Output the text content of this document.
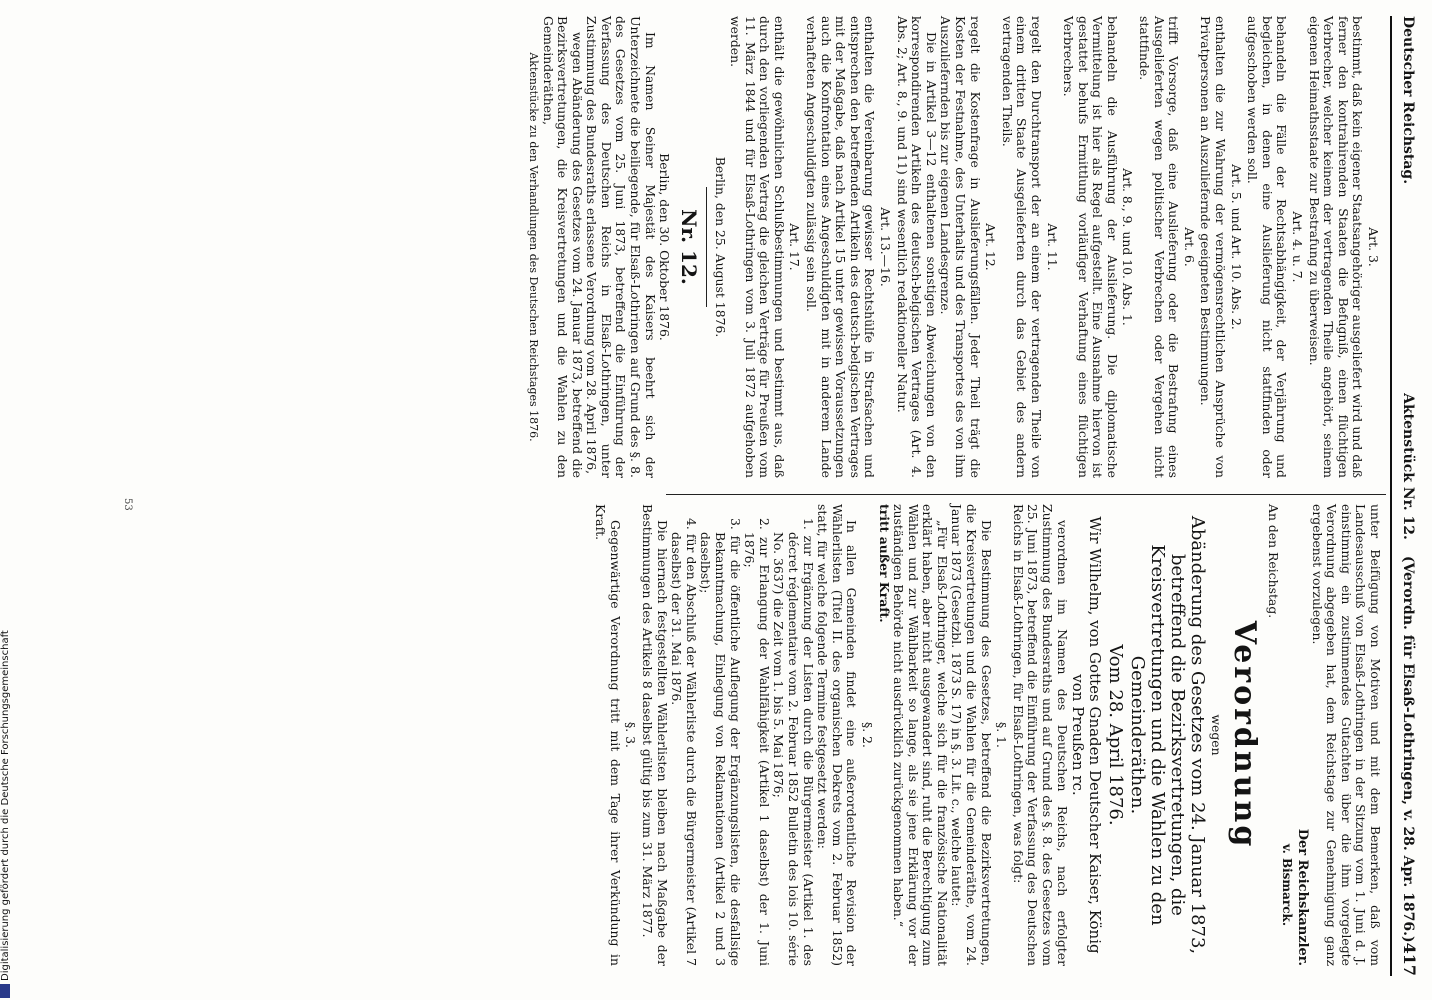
Deutscher Reichstag.
Aktenstück Nr. 12.
(Verordn. für Elsaß-Lothringen, v. 28. Apr. 1876.)
417

Art. 3.

bestimmt, daß kein eigener Staatsangehöriger ausgeliefert wird und daß ferner den kontrahirenden Staaten die Befugniß, einen flüchtigen Verbrecher, welcher keinem der vertragenden Theile angehört, seinem eigenen Heimathsstaate zur Bestrafung zu überweisen.

Art. 4. u. 7.

behandeln die Fälle der Rechtsabhängigkeit, der Verjährung und begleichen, in denen eine Auslieferung nicht stattfinden oder aufgeschoben werden soll.

Art. 5. und Art. 10. Abs. 2.

enthalten die zur Wahrung der vermögensrechtlichen Ansprüche von Privatpersonen an Auszuliefernde geeigneten Bestimmungen.

Art. 6.

trifft Vorsorge, daß eine Auslieferung oder die Bestrafung eines Ausgelieferten wegen politischer Verbrechen oder Vergehen nicht stattfinde.

Art. 8., 9. und 10. Abs. 1.

behandeln die Ausführung der Auslieferung. Die diplomatische Vermittelung ist hier als Regel aufgestellt. Eine Ausnahme hiervon ist gestattet behufs Ermittlung vorläufiger Verhaftung eines flüchtigen Verbrechers.

Art. 11.

regelt den Durchtransport der an einem der vertragenden Theile von einem dritten Staate Ausgelieferten durch das Gebiet des andern vertragenden Theils.

Art. 12.

regelt die Kostenfrage in Auslieferungsfällen. Jeder Theil trägt die Kosten der Festnahme, des Unterhalts und des Transportes des von ihm Auszuliefernden bis zur eigenen Landesgrenze.

Die in Artikel 3—12 enthaltenen sonstigen Abweichungen von den korrespondirenden Artikeln des deutsch-belgischen Vertrages (Art. 4. Abs. 2; Art. 8., 9. und 11) sind wesentlich redaktioneller Natur.

Art. 13.—16.

enthalten die Vereinbarung gewisser Rechtshülfe in Strafsachen und entsprechen den betreffenden Artikeln des deutsch-belgischen Vertrages mit der Maßgabe, daß nach Artikel 15 unter gewissen Voraussetzungen auch die Konfrontation eines Angeschuldigten mit in anderem Lande verhafteten Angeschuldigten zulässig sein soll.

Art. 17.

enthält die gewöhnlichen Schlußbestimmungen und bestimmt aus, daß durch den vorliegenden Vertrag die gleichen Verträge für Preußen vom 11. März 1844 und für Elsaß-Lothringen vom 3. Juli 1872 aufgehoben werden.

Berlin, den 25. August 1876.

Nr. 12.

Berlin, den 30. Oktober 1876.

Im Namen Seiner Majestät des Kaisers beehrt sich der Unterzeichnete die beiliegende, für Elsaß-Lothringen auf Grund des §. 8. des Gesetzes vom 25. Juni 1873, betreffend die Einführung der Verfassung des Deutschen Reichs in Elsaß-Lothringen, unter Zustimmung des Bundesraths erlassene Verordnung vom 28. April 1876,

wegen Abänderung des Gesetzes vom 24. Januar 1873, betreffend die Bezirksvertretungen, die Kreisvertretungen und die Wahlen zu den Gemeinderäthen,

Aktenstücke zu den Verhandlungen des Deutschen Reichstages 1876.

unter Beifügung von Motiven und mit dem Bemerken, daß vom Landesausschuß von Elsaß-Lothringen in der Sitzung vom 1. Juni d. J. einstimmig ein zustimmendes Gutachten über die ihm vorgelegte Verordnung abgegeben hat, dem Reichstage zur Genehmigung ganz ergebenst vorzulegen.

Der Reichskanzler.

v. Bismarck.

An den Reichstag.

Verordnung

wegen

Abänderung des Gesetzes vom 24. Januar 1873, betreffend die Bezirksvertretungen, die Kreisvertretungen und die Wahlen zu den Gemeinderäthen.

Vom 28. April 1876.

Wir Wilhelm, von Gottes Gnaden Deutscher Kaiser, König von Preußen rc.

verordnen im Namen des Deutschen Reichs, nach erfolgter Zustimmung des Bundesraths und auf Grund des §. 8. des Gesetzes vom 25. Juni 1873, betreffend die Einführung der Verfassung des Deutschen Reichs in Elsaß-Lothringen, für Elsaß-Lothringen, was folgt:

§. 1.

Die Bestimmung des Gesetzes, betreffend die Bezirksvertretungen, die Kreisvertretungen und die Wahlen für die Gemeinderäthe, vom 24. Januar 1873 (Gesetzbl. 1873 S. 17) in §. 3. Lit. c., welche lautet:

„Für Elsaß-Lothringer, welche sich für die französische Nationalität erklärt haben, aber nicht ausgewandert sind, ruht die Berechtigung zum Wählen und zur Wählbarkeit so lange, als sie jene Erklärung vor der zuständigen Behörde nicht ausdrücklich zurückgenommen haben.“

tritt außer Kraft.

§. 2.

In allen Gemeinden findet eine außerordentliche Revision der Wählerlisten (Titel II. des organischen Dekrets vom 2. Februar 1852) statt, für welche folgende Termine festgesetzt werden:

1. zur Ergänzung der Listen durch die Bürgermeister (Artikel 1. des décret réglementaire vom 2. Februar 1852 Bulletin des lois 10. série No. 3637) die Zeit vom 1. bis 5. Mai 1876;

2. zur Erlangung der Wahlfähigkeit (Artikel 1 daselbst) der 1. Juni 1876;

3. für die öffentliche Auflegung der Ergänzungslisten, die desfallsige Bekanntmachung, Einlegung von Reklamationen (Artikel 2 und 3 daselbst);

4. für den Abschluß der Wählerliste durch die Bürgermeister (Artikel 7 daselbst) der 31. Mai 1876.

Die hiernach festgestellten Wählerlisten bleiben nach Maßgabe der Bestimmungen des Artikels 8 daselbst gültig bis zum 31. März 1877.

§. 3.

Gegenwärtige Verordnung tritt mit dem Tage ihrer Verkündung in Kraft.

53
Digitalisierung gefördert durch die Deutsche Forschungsgemeinschaft
